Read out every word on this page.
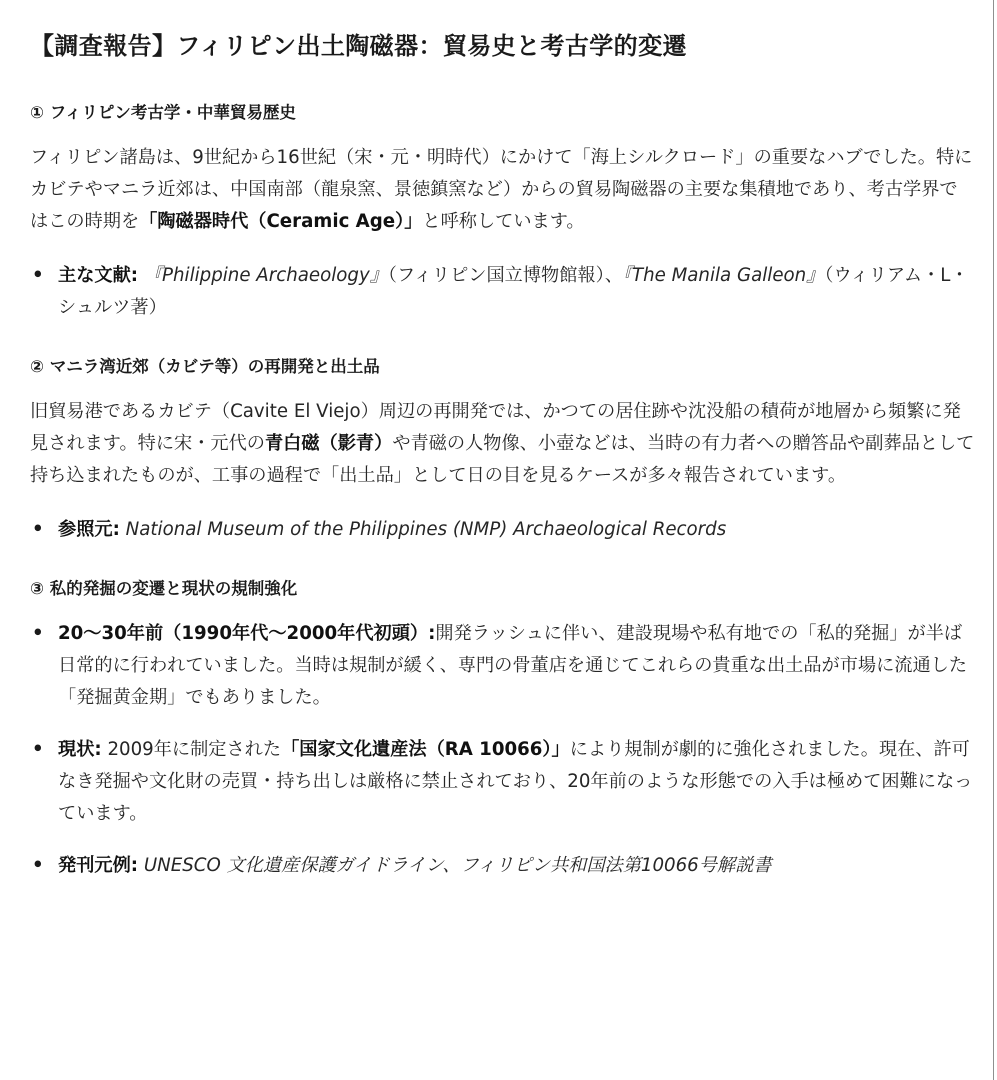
【調査報告】フィリピン出土陶磁器：貿易史と考古学的変遷
① フィリピン考古学・中華貿易歴史

フィリピン諸島は、9世紀から16世紀（宋・元・明時代）にかけて「海上シルクロード」の重要なハブでした。特にカビテやマニラ近郊は、中国南部（龍泉窯、景徳鎮窯など）からの貿易陶磁器の主要な集積地であり、考古学界ではこの時期を「陶磁器時代（Ceramic Age）」と呼称しています。

• 主な文献: 『Philippine Archaeology』（フィリピン国立博物館報）、『The Manila Galleon』（ウィリアム・L・シュルツ著）
② マニラ湾近郊（カビテ等）の再開発と出土品

旧貿易港であるカビテ（Cavite El Viejo）周辺の再開発では、かつての居住跡や沈没船の積荷が地層から頻繁に発見されます。特に宋・元代の青白磁（影青）や青磁の人物像、小壺などは、当時の有力者への贈答品や副葬品として持ち込まれたものが、工事の過程で「出土品」として日の目を見るケースが多々報告されています。

• 参照元: National Museum of the Philippines (NMP) Archaeological Records
③ 私的発掘の変遷と現状の規制強化
• 20〜30年前（1990年代〜2000年代初頭）:開発ラッシュに伴い、建設現場や私有地での「私的発掘」が半ば日常的に行われていました。当時は規制が緩く、専門の骨董店を通じてこれらの貴重な出土品が市場に流通した「発掘黄金期」でもありました。
• 現状: 2009年に制定された「国家文化遺産法（RA 10066）」により規制が劇的に強化されました。現在、許可なき発掘や文化財の売買・持ち出しは厳格に禁止されており、20年前のような形態での入手は極めて困難になっています。
• 発刊元例: UNESCO 文化遺産保護ガイドライン、フィリピン共和国法第10066号解説書
